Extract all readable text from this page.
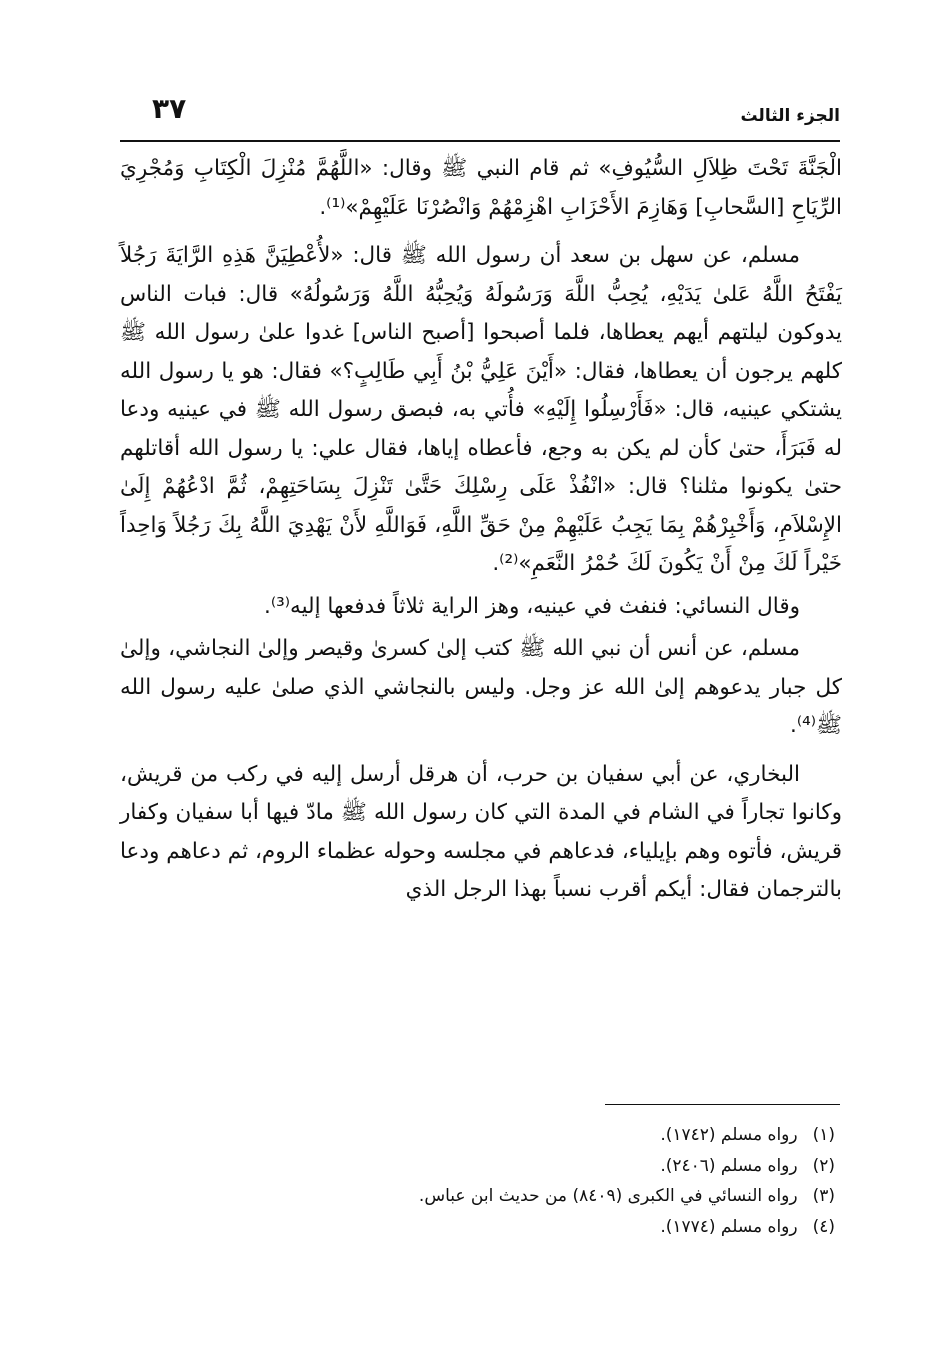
الجزء الثالث
٣٧

الْجَنَّةَ تَحْتَ ظِلاَلِ السُّيُوفِ» ثم قام النبي ﷺ وقال: «اللَّهُمَّ مُنْزِلَ الْكِتَابِ وَمُجْرِيَ الرِّيَاحِ [السَّحابِ] وَهَازِمَ الأَحْزَابِ اهْزِمْهُمْ وَانْصُرْنَا عَلَيْهِمْ»⁽¹⁾.

مسلم، عن سهل بن سعد أن رسول الله ﷺ قال: «لأُعْطِيَنَّ هَذِهِ الرَّايَةَ رَجُلاً يَفْتَحُ اللَّهُ عَلىٰ يَدَيْهِ، يُحِبُّ اللَّهَ وَرَسُولَهُ وَيُحِبُّهُ اللَّهُ وَرَسُولُهُ» قال: فبات الناس يدوكون ليلتهم أيهم يعطاها، فلما أصبحوا [أصبح الناس] غدوا علىٰ رسول الله ﷺ كلهم يرجون أن يعطاها، فقال: «أَيْنَ عَلِيُّ بْنُ أَبِي طَالِبٍ؟» فقال: هو يا رسول الله يشتكي عينيه، قال: «فَأَرْسِلُوا إِلَيْهِ» فأُتي به، فبصق رسول الله ﷺ في عينيه ودعا له فَبَرَأَ، حتىٰ كأن لم يكن به وجع، فأعطاه إياها، فقال علي: يا رسول الله أقاتلهم حتىٰ يكونوا مثلنا؟ قال: «انْفُذْ عَلَى رِسْلِكَ حَتَّىٰ تَنْزِلَ بِسَاحَتِهِمْ، ثُمَّ ادْعُهُمْ إِلَىٰ الإِسْلاَمِ، وَأَخْبِرْهُمْ بِمَا يَجِبُ عَلَيْهِمْ مِنْ حَقِّ اللَّهِ، فَوَاللَّهِ لأَنْ يَهْدِيَ اللَّهُ بِكَ رَجُلاً وَاحِداً خَيْراً لَكَ مِنْ أَنْ يَكُونَ لَكَ حُمْرُ النَّعَمِ»⁽²⁾.

وقال النسائي: فنفث في عينيه، وهز الراية ثلاثاً فدفعها إليه⁽³⁾.

مسلم، عن أنس أن نبي الله ﷺ كتب إلىٰ كسرىٰ وقيصر وإلىٰ النجاشي، وإلىٰ كل جبار يدعوهم إلىٰ الله عز وجل. وليس بالنجاشي الذي صلىٰ عليه رسول الله ﷺ⁽⁴⁾.

البخاري، عن أبي سفيان بن حرب، أن هرقل أرسل إليه في ركب من قريش، وكانوا تجاراً في الشام في المدة التي كان رسول الله ﷺ مادّ فيها أبا سفيان وكفار قريش، فأتوه وهم بإيلياء، فدعاهم في مجلسه وحوله عظماء الروم، ثم دعاهم ودعا بالترجمان فقال: أيكم أقرب نسباً بهذا الرجل الذي

(١) رواه مسلم (١٧٤٢).

(٢) رواه مسلم (٢٤٠٦).

(٣) رواه النسائي في الكبرى (٨٤٠٩) من حديث ابن عباس.

(٤) رواه مسلم (١٧٧٤).
